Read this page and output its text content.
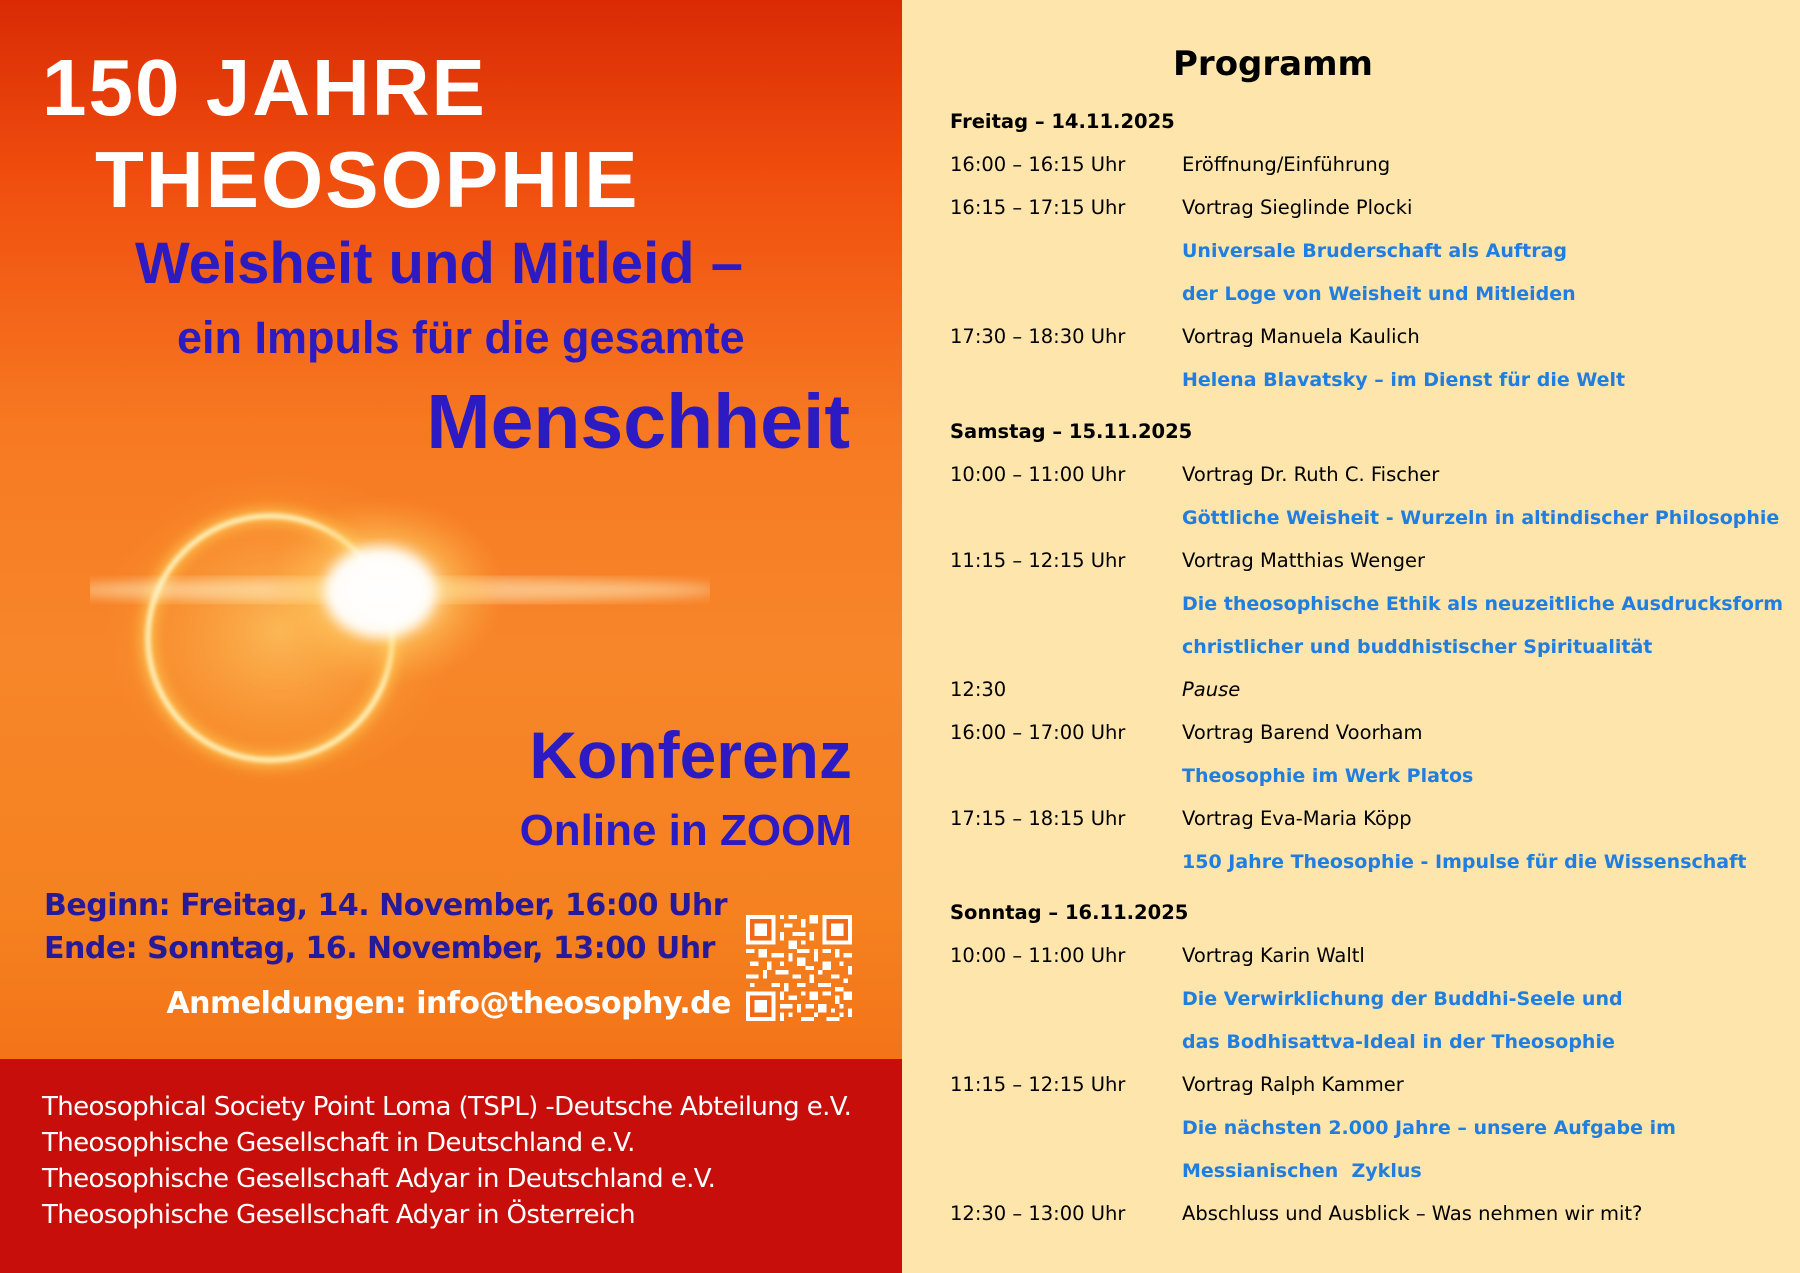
150 JAHRE

THEOSOPHIE

Weisheit und Mitleid –

ein Impuls für die gesamte

Menschheit

Konferenz

Online in ZOOM

Beginn: Freitag, 14. November, 16:00 Uhr
Ende: Sonntag, 16. November, 13:00 Uhr

Anmeldungen: info@theosophy.de

Theosophical Society Point Loma (TSPL) -Deutsche Abteilung e.V.

Theosophische Gesellschaft in Deutschland e.V.

Theosophische Gesellschaft Adyar in Deutschland e.V.

Theosophische Gesellschaft Adyar in Österreich

Programm

Freitag – 14.11.2025

16:00 – 16:15 Uhr	Eröffnung/Einführung

16:15 – 17:15 Uhr	Vortrag Sieglinde Plocki

Universale Bruderschaft als Auftrag

der Loge von Weisheit und Mitleiden

17:30 – 18:30 Uhr	Vortrag Manuela Kaulich

Helena Blavatsky – im Dienst für die Welt

Samstag – 15.11.2025

10:00 – 11:00 Uhr	Vortrag Dr. Ruth C. Fischer

Göttliche Weisheit - Wurzeln in altindischer Philosophie

11:15 – 12:15 Uhr	Vortrag Matthias Wenger

Die theosophische Ethik als neuzeitliche Ausdrucksform

christlicher und buddhistischer Spiritualität

12:30	Pause

16:00 – 17:00 Uhr	Vortrag Barend Voorham

Theosophie im Werk Platos

17:15 – 18:15 Uhr	Vortrag Eva-Maria Köpp

150 Jahre Theosophie - Impulse für die Wissenschaft

Sonntag – 16.11.2025

10:00 – 11:00 Uhr	Vortrag Karin Waltl

Die Verwirklichung der Buddhi-Seele und

das Bodhisattva-Ideal in der Theosophie

11:15 – 12:15 Uhr	Vortrag Ralph Kammer

Die nächsten 2.000 Jahre – unsere Aufgabe im

Messianischen  Zyklus

12:30 – 13:00 Uhr	Abschluss und Ausblick – Was nehmen wir mit?
